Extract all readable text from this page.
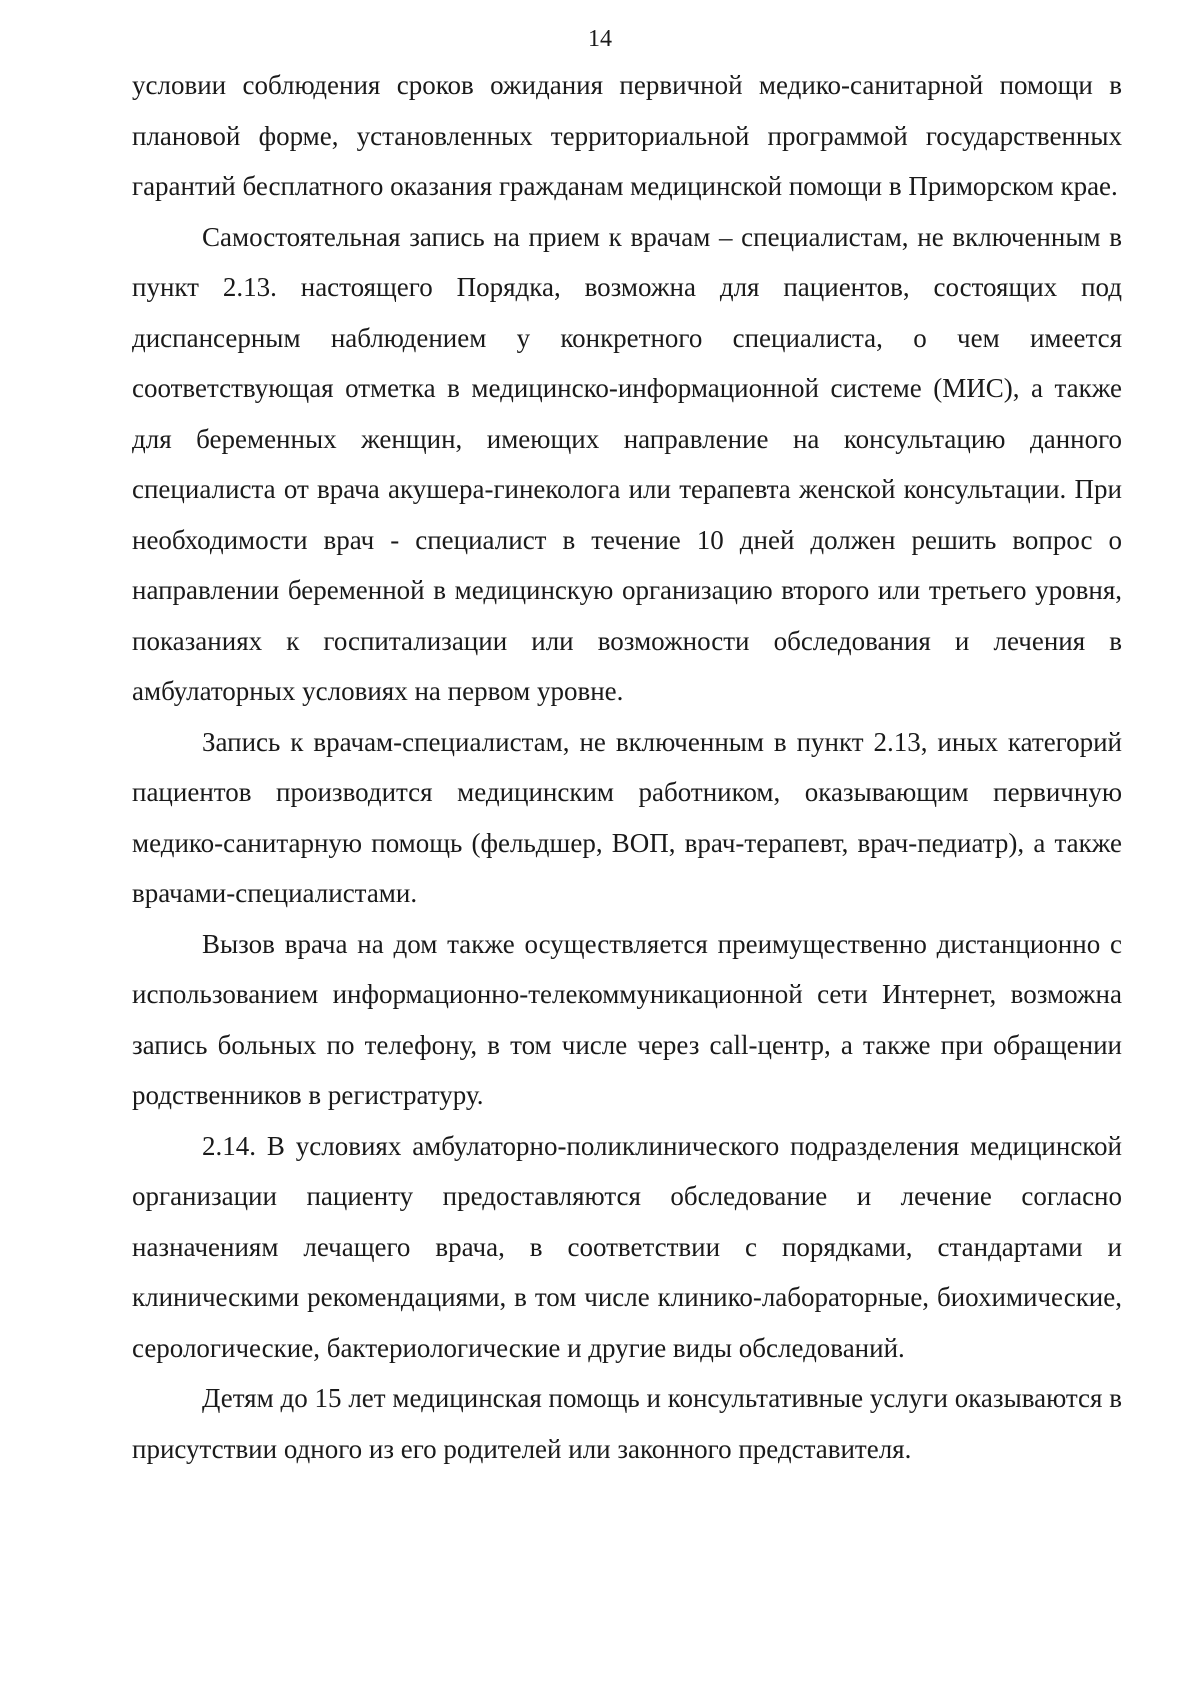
14

условии соблюдения сроков ожидания первичной медико-санитарной помощи в плановой форме, установленных территориальной программой государственных гарантий бесплатного оказания гражданам медицинской помощи в Приморском крае.

Самостоятельная запись на прием к врачам – специалистам, не включенным в пункт 2.13. настоящего Порядка, возможна для пациентов, состоящих под диспансерным наблюдением у конкретного специалиста, о чем имеется соответствующая отметка в медицинско-информационной системе (МИС), а также для беременных женщин, имеющих направление на консультацию данного специалиста от врача акушера-гинеколога или терапевта женской консультации. При необходимости врач - специалист в течение 10 дней должен решить вопрос о направлении беременной в медицинскую организацию второго или третьего уровня, показаниях к госпитализации или возможности обследования и лечения в амбулаторных условиях на первом уровне.

Запись к врачам-специалистам, не включенным в пункт 2.13, иных категорий пациентов производится медицинским работником, оказывающим первичную медико-санитарную помощь (фельдшер, ВОП, врач-терапевт, врач-педиатр), а также врачами-специалистами.

Вызов врача на дом также осуществляется преимущественно дистанционно с использованием информационно-телекоммуникационной сети Интернет, возможна запись больных по телефону, в том числе через call-центр, а также при обращении родственников в регистратуру.

2.14. В условиях амбулаторно-поликлинического подразделения медицинской организации пациенту предоставляются обследование и лечение согласно назначениям лечащего врача, в соответствии с порядками, стандартами и клиническими рекомендациями, в том числе клинико-лабораторные, биохимические, серологические, бактериологические и другие виды обследований.

Детям до 15 лет медицинская помощь и консультативные услуги оказываются в присутствии одного из его родителей или законного представителя.
